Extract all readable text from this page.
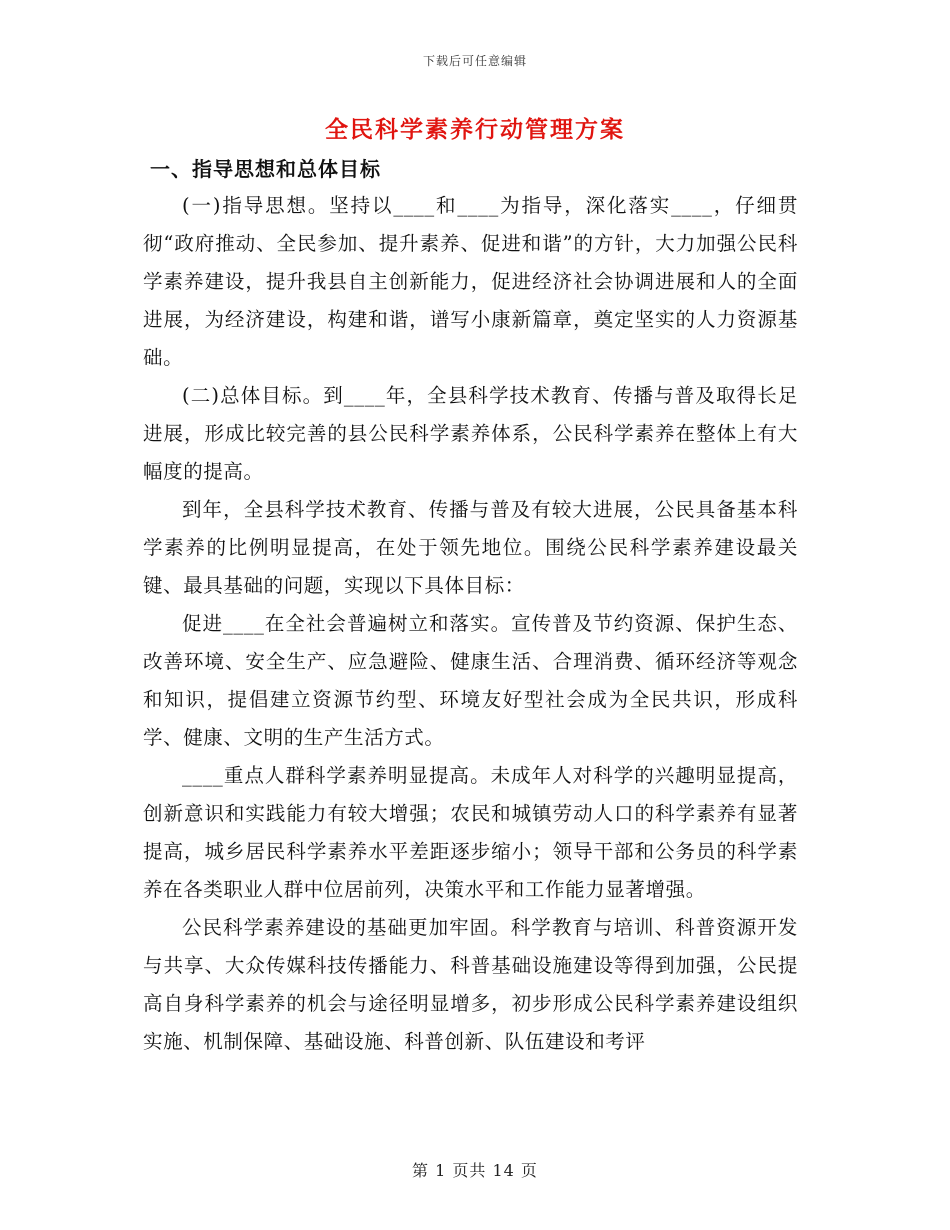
下载后可任意编辑
全民科学素养行动管理方案
一、指导思想和总体目标

(一)指导思想。坚持以____和____为指导，深化落实____，仔细贯彻“政府推动、全民参加、提升素养、促进和谐”的方针，大力加强公民科学素养建设，提升我县自主创新能力，促进经济社会协调进展和人的全面进展，为经济建设，构建和谐，谱写小康新篇章，奠定坚实的人力资源基础。

(二)总体目标。到____年，全县科学技术教育、传播与普及取得长足进展，形成比较完善的县公民科学素养体系，公民科学素养在整体上有大幅度的提高。

到年，全县科学技术教育、传播与普及有较大进展，公民具备基本科学素养的比例明显提高，在处于领先地位。围绕公民科学素养建设最关键、最具基础的问题，实现以下具体目标：

促进____在全社会普遍树立和落实。宣传普及节约资源、保护生态、改善环境、安全生产、应急避险、健康生活、合理消费、循环经济等观念和知识，提倡建立资源节约型、环境友好型社会成为全民共识，形成科学、健康、文明的生产生活方式。

____重点人群科学素养明显提高。未成年人对科学的兴趣明显提高，创新意识和实践能力有较大增强；农民和城镇劳动人口的科学素养有显著提高，城乡居民科学素养水平差距逐步缩小；领导干部和公务员的科学素养在各类职业人群中位居前列，决策水平和工作能力显著增强。

公民科学素养建设的基础更加牢固。科学教育与培训、科普资源开发与共享、大众传媒科技传播能力、科普基础设施建设等得到加强，公民提高自身科学素养的机会与途径明显增多，初步形成公民科学素养建设组织实施、机制保障、基础设施、科普创新、队伍建设和考评

第 1 页共 14 页
